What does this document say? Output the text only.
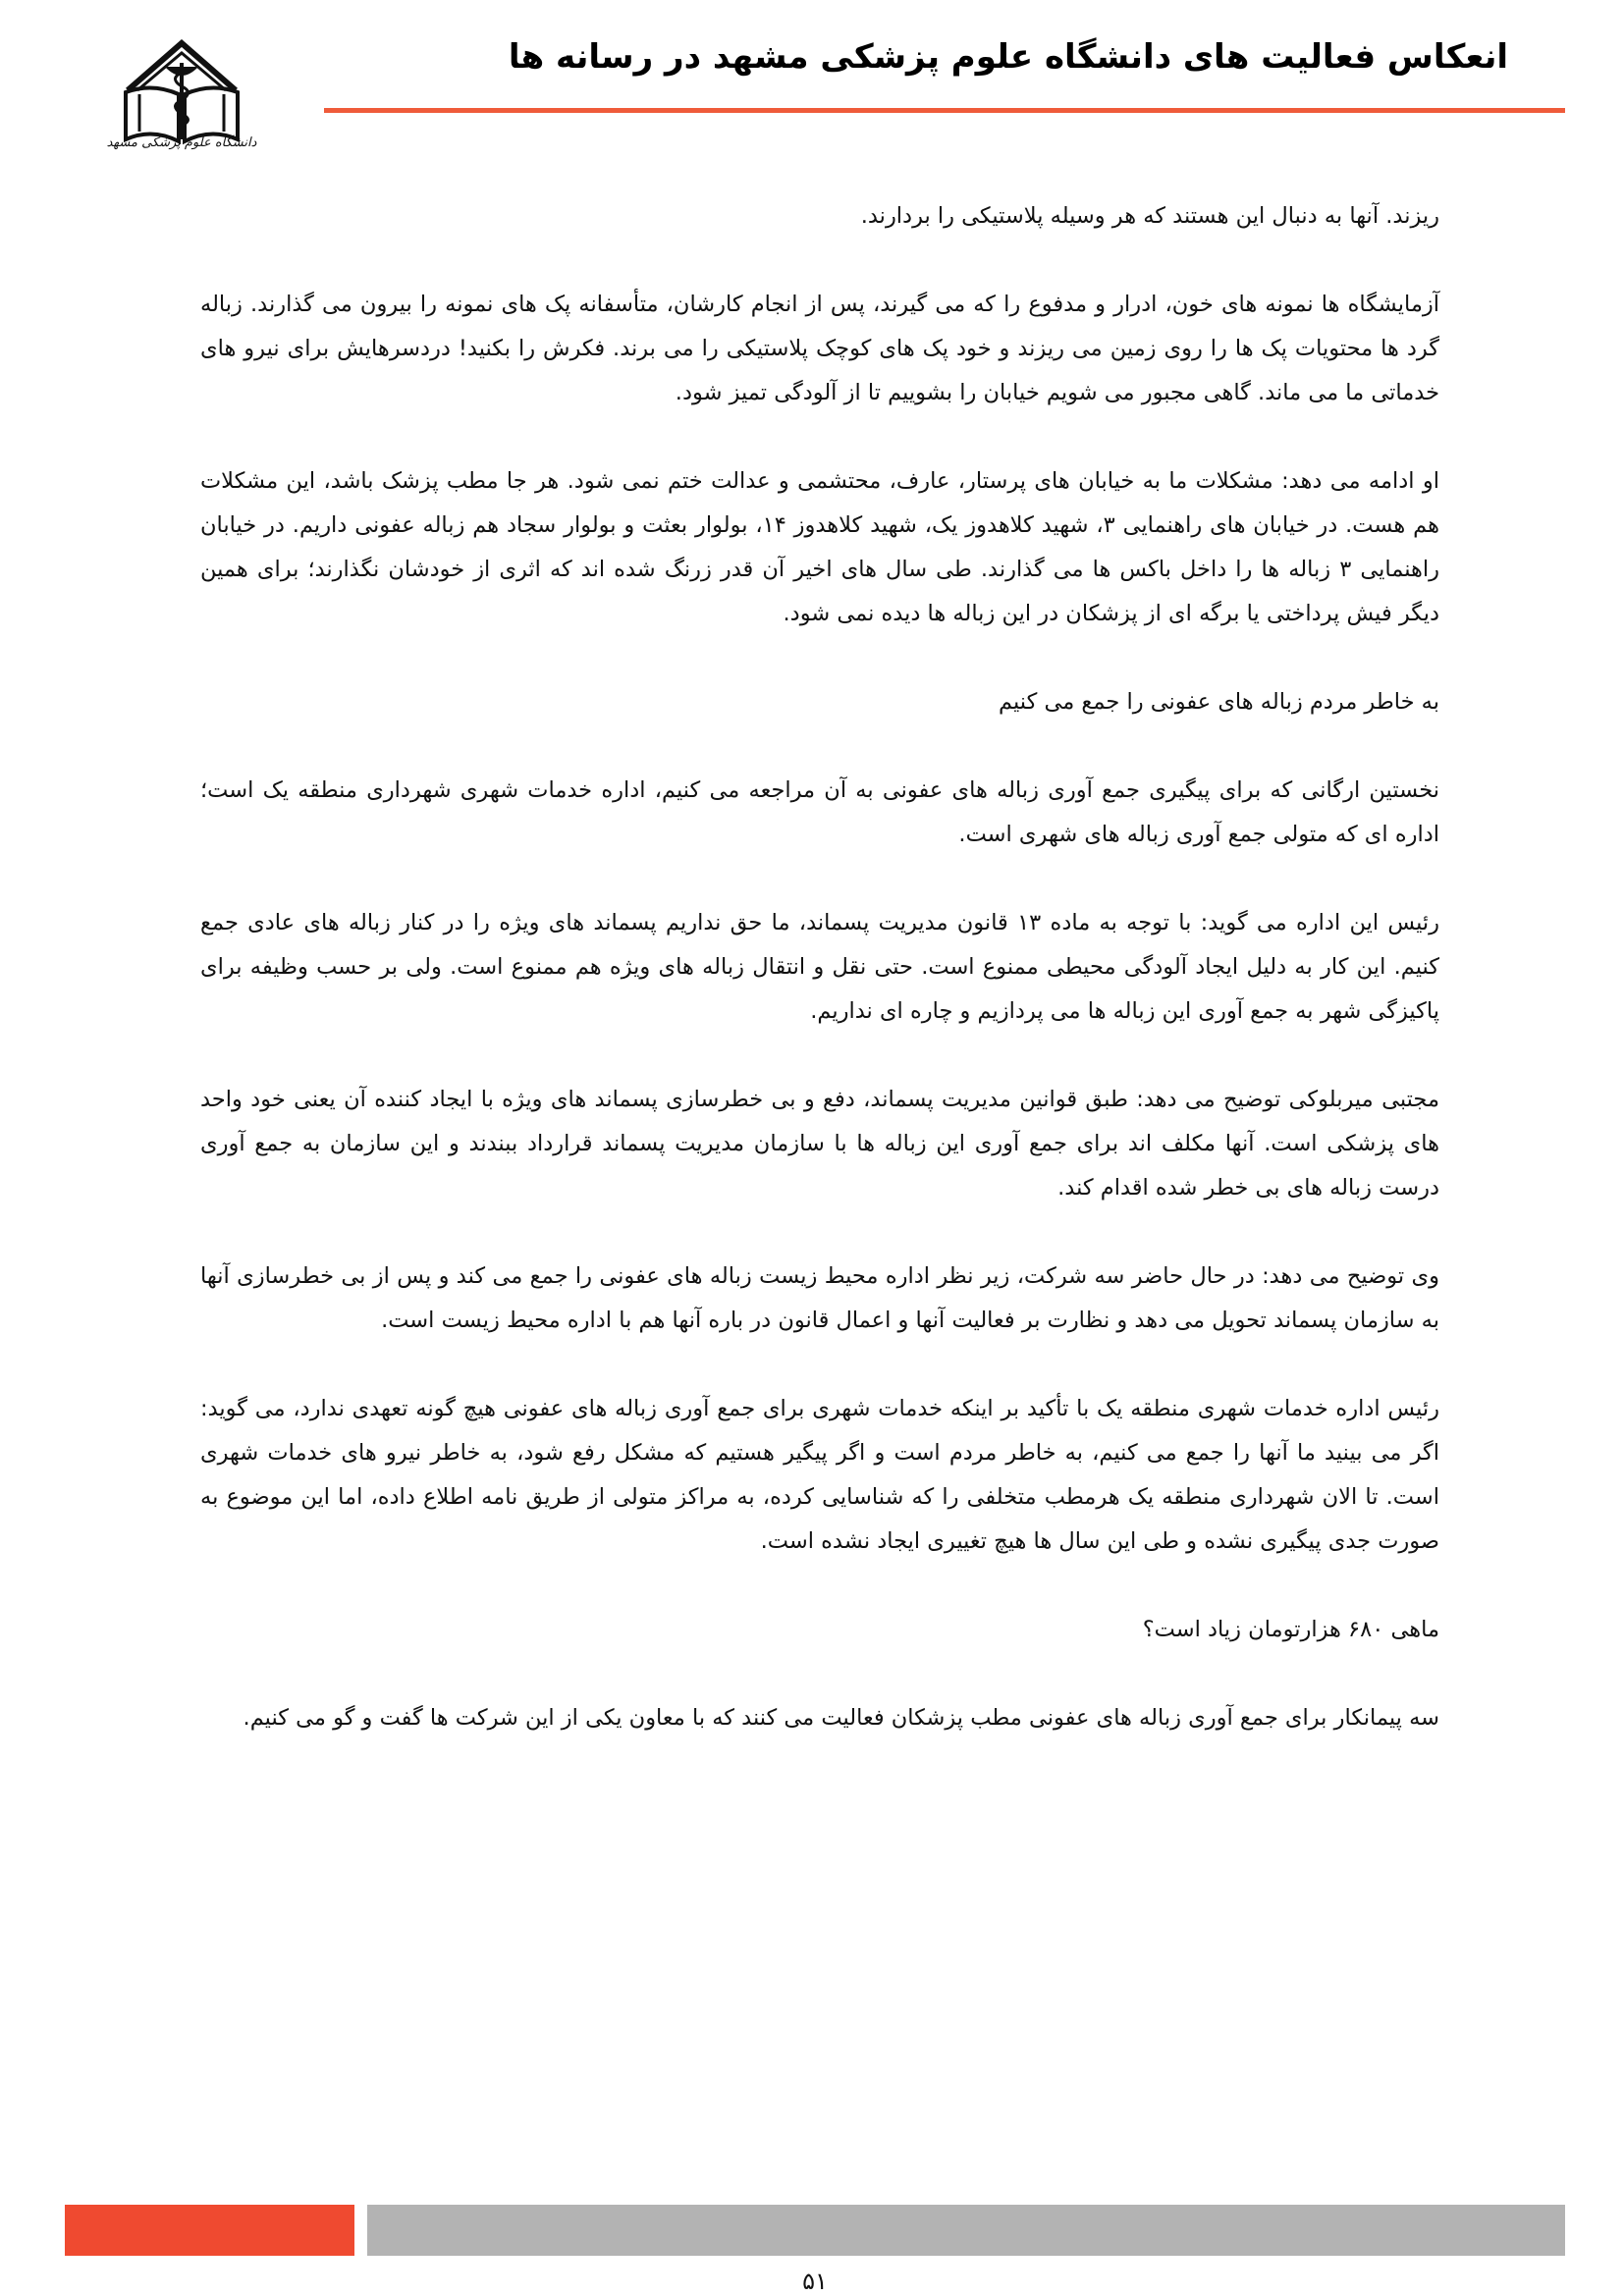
دانشگاه علوم پزشکی مشهد
انعکاس فعالیت های دانشگاه علوم پزشکی مشهد در رسانه ها

ریزند. آنها به دنبال این هستند که هر وسیله پلاستیکی را بردارند.

آزمایشگاه ها نمونه های خون، ادرار و مدفوع را که می گیرند، پس از انجام کارشان، متأسفانه پک های نمونه را بیرون می گذارند. زباله گرد ها محتویات پک ها را روی زمین می ریزند و خود پک های کوچک پلاستیکی را می برند. فکرش را بکنید! دردسرهایش برای نیرو های خدماتی ما می ماند. گاهی مجبور می شویم خیابان را بشوییم تا از آلودگی تمیز شود.

او ادامه می دهد: مشکلات ما به خیابان های پرستار، عارف، محتشمی و عدالت ختم نمی شود. هر جا مطب پزشک باشد، این مشکلات هم هست. در خیابان های راهنمایی ۳، شهید کلاهدوز یک، شهید کلاهدوز ۱۴، بولوار بعثت و بولوار سجاد هم زباله عفونی داریم. در خیابان راهنمایی ۳ زباله ها را داخل باکس ها می گذارند. طی سال های اخیر آن قدر زرنگ شده اند که اثری از خودشان نگذارند؛ برای همین دیگر فیش پرداختی یا برگه ای از پزشکان در این زباله ها دیده نمی شود.

به خاطر مردم زباله های عفونی را جمع می کنیم

نخستین ارگانی که برای پیگیری جمع آوری زباله های عفونی به آن مراجعه می کنیم، اداره خدمات شهری شهرداری منطقه یک است؛ اداره ای که متولی جمع آوری زباله های شهری است.

رئیس این اداره می گوید: با توجه به ماده ۱۳ قانون مدیریت پسماند، ما حق نداریم پسماند های ویژه را در کنار زباله های عادی جمع کنیم. این کار به دلیل ایجاد آلودگی محیطی ممنوع است. حتی نقل و انتقال زباله های ویژه هم ممنوع است. ولی بر حسب وظیفه برای پاکیزگی شهر به جمع آوری این زباله ها می پردازیم و چاره ای نداریم.

مجتبی میربلوکی توضیح می دهد: طبق قوانین مدیریت پسماند، دفع و بی خطرسازی پسماند های ویژه با ایجاد کننده آن یعنی خود واحد های پزشکی است. آنها مکلف اند برای جمع آوری این زباله ها با سازمان مدیریت پسماند قرارداد ببندند و این سازمان به جمع آوری درست زباله های بی خطر شده اقدام کند.

وی توضیح می دهد: در حال حاضر سه شرکت، زیر نظر اداره محیط زیست زباله های عفونی را جمع می کند و پس از بی خطرسازی آنها به سازمان پسماند تحویل می دهد و نظارت بر فعالیت آنها و اعمال قانون در باره آنها هم با اداره محیط زیست است.

رئیس اداره خدمات شهری منطقه یک با تأکید بر اینکه خدمات شهری برای جمع آوری زباله های عفونی هیچ گونه تعهدی ندارد، می گوید: اگر می بینید ما آنها را جمع می کنیم، به خاطر مردم است و اگر پیگیر هستیم که مشکل رفع شود، به خاطر نیرو های خدمات شهری است. تا الان شهرداری منطقه یک هرمطب متخلفی را که شناسایی کرده، به مراکز متولی از طریق نامه اطلاع داده، اما این موضوع به صورت جدی پیگیری نشده و طی این سال ها هیچ تغییری ایجاد نشده است.

ماهی ۶۸۰ هزارتومان زیاد است؟

سه پیمانکار برای جمع آوری زباله های عفونی مطب پزشکان فعالیت می کنند که با معاون یکی از این شرکت ها گفت و گو می کنیم.

۵۱
